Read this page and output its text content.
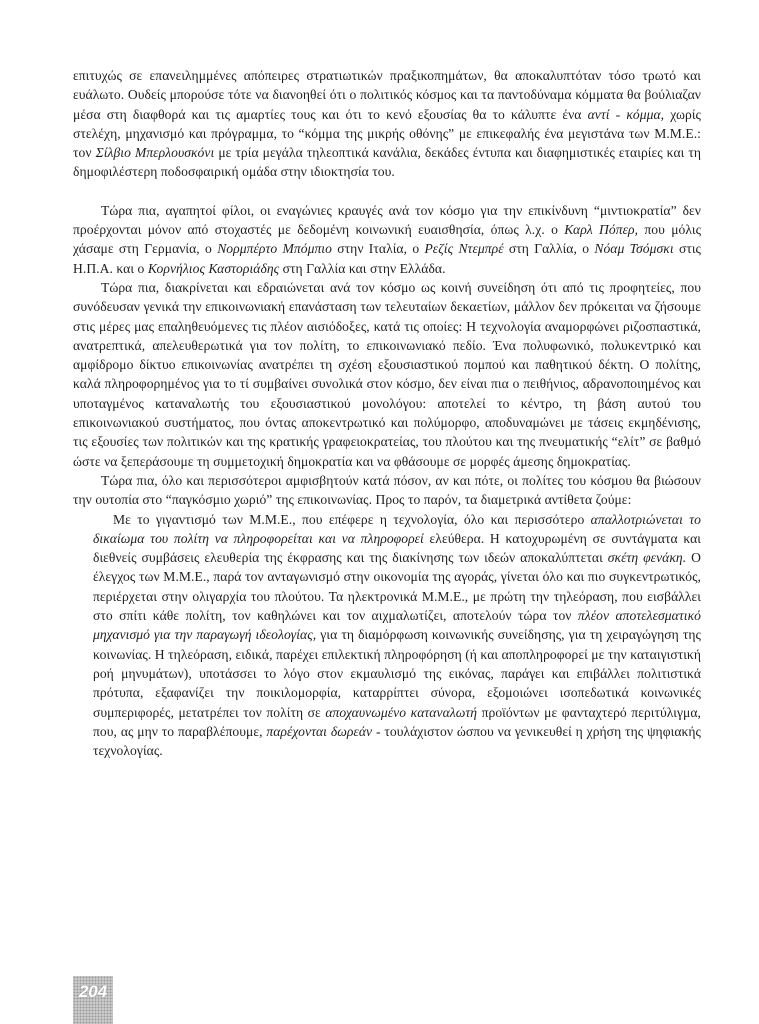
επιτυχώς σε επανειλημμένες απόπειρες στρατιωτικών πραξικοπημάτων, θα αποκαλυπτόταν τόσο τρωτό και ευάλωτο. Ουδείς μπορούσε τότε να διανοηθεί ότι ο πολιτικός κόσμος και τα παντοδύναμα κόμματα θα βούλιαζαν μέσα στη διαφθορά και τις αμαρτίες τους και ότι το κενό εξουσίας θα το κάλυπτε ένα αντί - κόμμα, χωρίς στελέχη, μηχανισμό και πρόγραμμα, το “κόμμα της μικρής οθόνης” με επικεφαλής ένα μεγιστάνα των Μ.Μ.Ε.: τον Σίλβιο Μπερλουσκόνι με τρία μεγάλα τηλεοπτικά κανάλια, δεκάδες έντυπα και διαφημιστικές εταιρίες και τη δημοφιλέστερη ποδοσφαιρική ομάδα στην ιδιοκτησία του.

Τώρα πια, αγαπητοί φίλοι, οι εναγώνιες κραυγές ανά τον κόσμο για την επικίνδυνη “μιντιοκρατία” δεν προέρχονται μόνον από στοχαστές με δεδομένη κοινωνική ευαισθησία, όπως λ.χ. ο Καρλ Πόπερ, που μόλις χάσαμε στη Γερμανία, ο Νορμπέρτο Μπόμπιο στην Ιταλία, ο Ρεζίς Ντεμπρέ στη Γαλλία, ο Νόαμ Τσόμσκι στις Η.Π.Α. και ο Κορνήλιος Καστοριάδης στη Γαλλία και στην Ελλάδα.

Τώρα πια, διακρίνεται και εδραιώνεται ανά τον κόσμο ως κοινή συνείδηση ότι από τις προφητείες, που συνόδευσαν γενικά την επικοινωνιακή επανάσταση των τελευταίων δεκαετίων, μάλλον δεν πρόκειται να ζήσουμε στις μέρες μας επαληθευόμενες τις πλέον αισιόδοξες, κατά τις οποίες: Η τεχνολογία αναμορφώνει ριζοσπαστικά, ανατρεπτικά, απελευθερωτικά για τον πολίτη, το επικοινωνιακό πεδίο. Ένα πολυφωνικό, πολυκεντρικό και αμφίδρομο δίκτυο επικοινωνίας ανατρέπει τη σχέση εξουσιαστικού πομπού και παθητικού δέκτη. Ο πολίτης, καλά πληροφορημένος για το τί συμβαίνει συνολικά στον κόσμο, δεν είναι πια ο πειθήνιος, αδρανοποιημένος και υποταγμένος καταναλωτής του εξουσιαστικού μονολόγου: αποτελεί το κέντρο, τη βάση αυτού του επικοινωνιακού συστήματος, που όντας αποκεντρωτικό και πολύμορφο, αποδυναμώνει με τάσεις εκμηδένισης, τις εξουσίες των πολιτικών και της κρατικής γραφειοκρατείας, του πλούτου και της πνευματικής “ελίτ” σε βαθμό ώστε να ξεπεράσουμε τη συμμετοχική δημοκρατία και να φθάσουμε σε μορφές άμεσης δημοκρατίας.

Τώρα πια, όλο και περισσότεροι αμφισβητούν κατά πόσον, αν και πότε, οι πολίτες του κόσμου θα βιώσουν την ουτοπία στο “παγκόσμιο χωριό” της επικοινωνίας. Προς το παρόν, τα διαμετρικά αντίθετα ζούμε:

Με το γιγαντισμό των Μ.Μ.Ε., που επέφερε η τεχνολογία, όλο και περισσότερο απαλλοτριώνεται το δικαίωμα του πολίτη να πληροφορείται και να πληροφορεί ελεύθερα. Η κατοχυρωμένη σε συντάγματα και διεθνείς συμβάσεις ελευθερία της έκφρασης και της διακίνησης των ιδεών αποκαλύπτεται σκέτη φενάκη. Ο έλεγχος των Μ.Μ.Ε., παρά τον ανταγωνισμό στην οικονομία της αγοράς, γίνεται όλο και πιο συγκεντρωτικός, περιέρχεται στην ολιγαρχία του πλούτου. Τα ηλεκτρονικά Μ.Μ.Ε., με πρώτη την τηλεόραση, που εισβάλλει στο σπίτι κάθε πολίτη, τον καθηλώνει και τον αιχμαλωτίζει, αποτελούν τώρα τον πλέον αποτελεσματικό μηχανισμό για την παραγωγή ιδεολογίας, για τη διαμόρφωση κοινωνικής συνείδησης, για τη χειραγώγηση της κοινωνίας. Η τηλεόραση, ειδικά, παρέχει επιλεκτική πληροφόρηση (ή και αποπληροφορεί με την καταιγιστική ροή μηνυμάτων), υποτάσσει το λόγο στον εκμαυλισμό της εικόνας, παράγει και επιβάλλει πολιτιστικά πρότυπα, εξαφανίζει την ποικιλομορφία, καταρρίπτει σύνορα, εξομοιώνει ισοπεδωτικά κοινωνικές συμπεριφορές, μετατρέπει τον πολίτη σε αποχαυνωμένο καταναλωτή προϊόντων με φανταχτερό περιτύλιγμα, που, ας μην το παραβλέπουμε, παρέχονται δωρεάν - τουλάχιστον ώσπου να γενικευθεί η χρήση της ψηφιακής τεχνολογίας.

204
